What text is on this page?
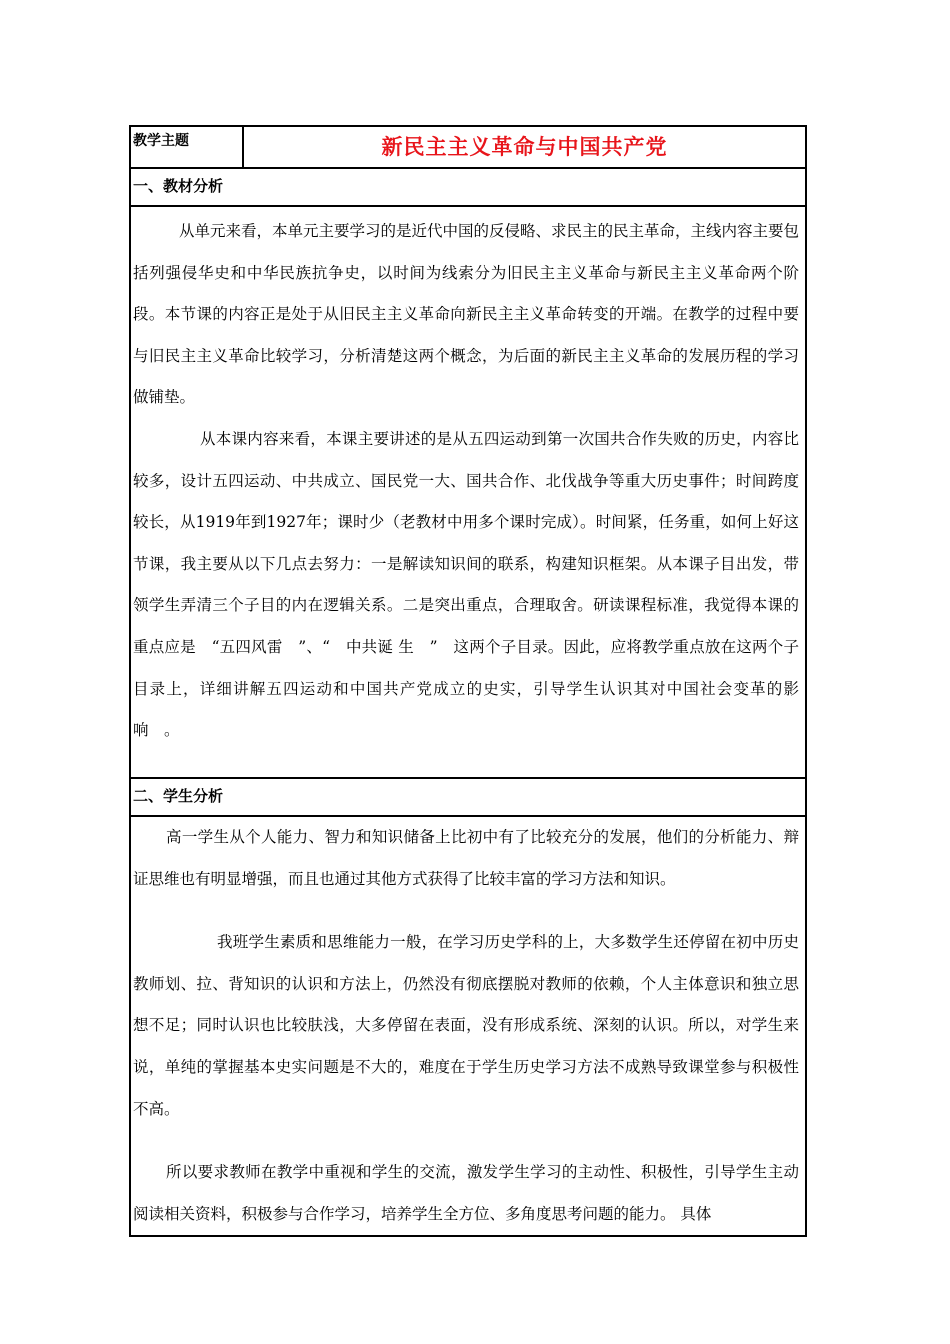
教学主题	新民主主义革命与中国共产党

一、教材分析

从单元来看，本单元主要学习的是近代中国的反侵略、求民主的民主革命，主线内容主要包括列强侵华史和中华民族抗争史，以时间为线索分为旧民主主义革命与新民主主义革命两个阶段。本节课的内容正是处于从旧民主主义革命向新民主主义革命转变的开端。在教学的过程中要与旧民主主义革命比较学习，分析清楚这两个概念，为后面的新民主主义革命的发展历程的学习做铺垫。

从本课内容来看，本课主要讲述的是从五四运动到第一次国共合作失败的历史，内容比较多，设计五四运动、中共成立、国民党一大、国共合作、北伐战争等重大历史事件；时间跨度较长，从1919年到1927年；课时少（老教材中用多个课时完成）。时间紧，任务重，如何上好这节课，我主要从以下几点去努力：一是解读知识间的联系，构建知识框架。从本课子目出发，带领学生弄清三个子目的内在逻辑关系。二是突出重点，合理取舍。研读课程标准，我觉得本课的重点应是　“五四风雷　”、“　中共诞 生　”　这两个子目录。因此，应将教学重点放在这两个子目录上，详细讲解五四运动和中国共产党成立的史实，引导学生认识其对中国社会变革的影响　。

二、学生分析

高一学生从个人能力、智力和知识储备上比初中有了比较充分的发展，他们的分析能力、辩证思维也有明显增强，而且也通过其他方式获得了比较丰富的学习方法和知识。

我班学生素质和思维能力一般，在学习历史学科的上，大多数学生还停留在初中历史教师划、拉、背知识的认识和方法上，仍然没有彻底摆脱对教师的依赖，个人主体意识和独立思想不足；同时认识也比较肤浅，大多停留在表面，没有形成系统、深刻的认识。所以，对学生来说，单纯的掌握基本史实问题是不大的，难度在于学生历史学习方法不成熟导致课堂参与积极性不高。

所以要求教师在教学中重视和学生的交流，激发学生学习的主动性、积极性，引导学生主动阅读相关资料，积极参与合作学习，培养学生全方位、多角度思考问题的能力。 具体
